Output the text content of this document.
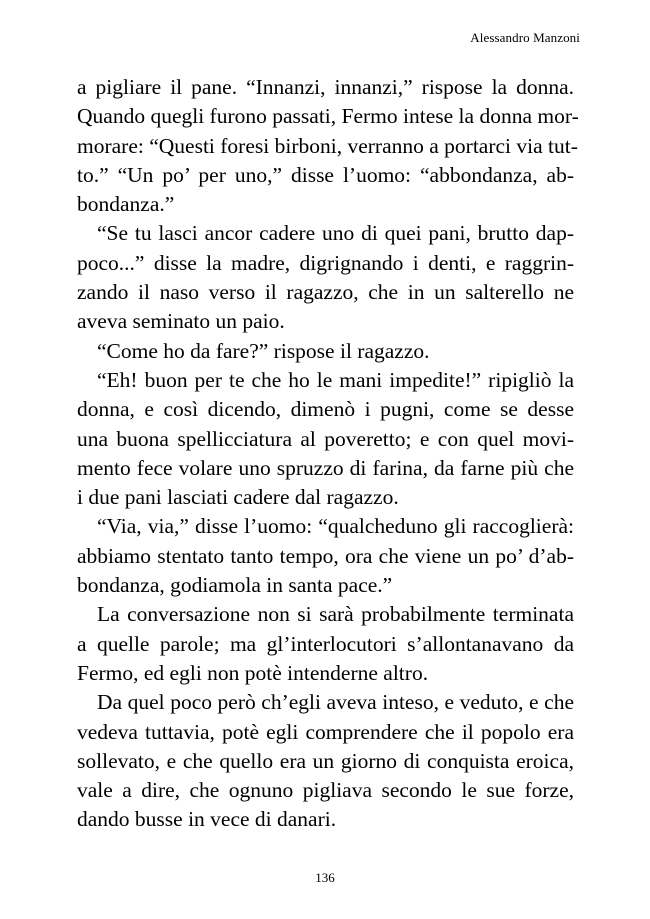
Alessandro Manzoni
a pigliare il pane. “Innanzi, innanzi,” rispose la donna.
Quando quegli furono passati, Fermo intese la donna mor-
morare: “Questi foresi birboni, verranno a portarci via tut-
to.” “Un po’ per uno,” disse l’uomo: “abbondanza, ab-
bondanza.”
“Se tu lasci ancor cadere uno di quei pani, brutto dap-
poco...” disse la madre, digrignando i denti, e raggrin-
zando il naso verso il ragazzo, che in un salterello ne
aveva seminato un paio.
“Come ho da fare?” rispose il ragazzo.
“Eh! buon per te che ho le mani impedite!” ripigliò la
donna, e così dicendo, dimenò i pugni, come se desse
una buona spellicciatura al poveretto; e con quel movi-
mento fece volare uno spruzzo di farina, da farne più che
i due pani lasciati cadere dal ragazzo.
“Via, via,” disse l’uomo: “qualcheduno gli raccoglierà:
abbiamo stentato tanto tempo, ora che viene un po’ d’ab-
bondanza, godiamola in santa pace.”
La conversazione non si sarà probabilmente terminata
a quelle parole; ma gl’interlocutori s’allontanavano da
Fermo, ed egli non potè intenderne altro.
Da quel poco però ch’egli aveva inteso, e veduto, e che
vedeva tuttavia, potè egli comprendere che il popolo era
sollevato, e che quello era un giorno di conquista eroica,
vale a dire, che ognuno pigliava secondo le sue forze,
dando busse in vece di danari.
136
